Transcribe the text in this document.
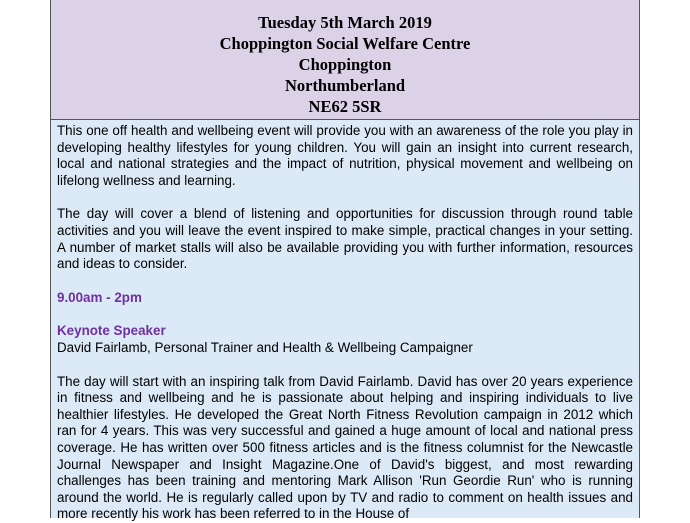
Tuesday 5th March 2019
Choppington Social Welfare Centre
Choppington
Northumberland
NE62 5SR

This one off health and wellbeing event will provide you with an awareness of the role you play in developing healthy lifestyles for young children. You will gain an insight into current research, local and national strategies and the impact of nutrition, physical movement and wellbeing on lifelong wellness and learning.

The day will cover a blend of listening and opportunities for discussion through round table activities and you will leave the event inspired to make simple, practical changes in your setting. A number of market stalls will also be available providing you with further information, resources and ideas to consider.

9.00am - 2pm

Keynote Speaker

David Fairlamb, Personal Trainer and Health & Wellbeing Campaigner

The day will start with an inspiring talk from David Fairlamb. David has over 20 years experience in fitness and wellbeing and he is passionate about helping and inspiring individuals to live healthier lifestyles. He developed the Great North Fitness Revolution campaign in 2012 which ran for 4 years. This was very successful and gained a huge amount of local and national press coverage. He has written over 500 fitness articles and is the fitness columnist for the Newcastle Journal Newspaper and Insight Magazine.One of David's biggest, and most rewarding challenges has been training and mentoring Mark Allison 'Run Geordie Run' who is running around the world. He is regularly called upon by TV and radio to comment on health issues and more recently his work has been referred to in the House of
